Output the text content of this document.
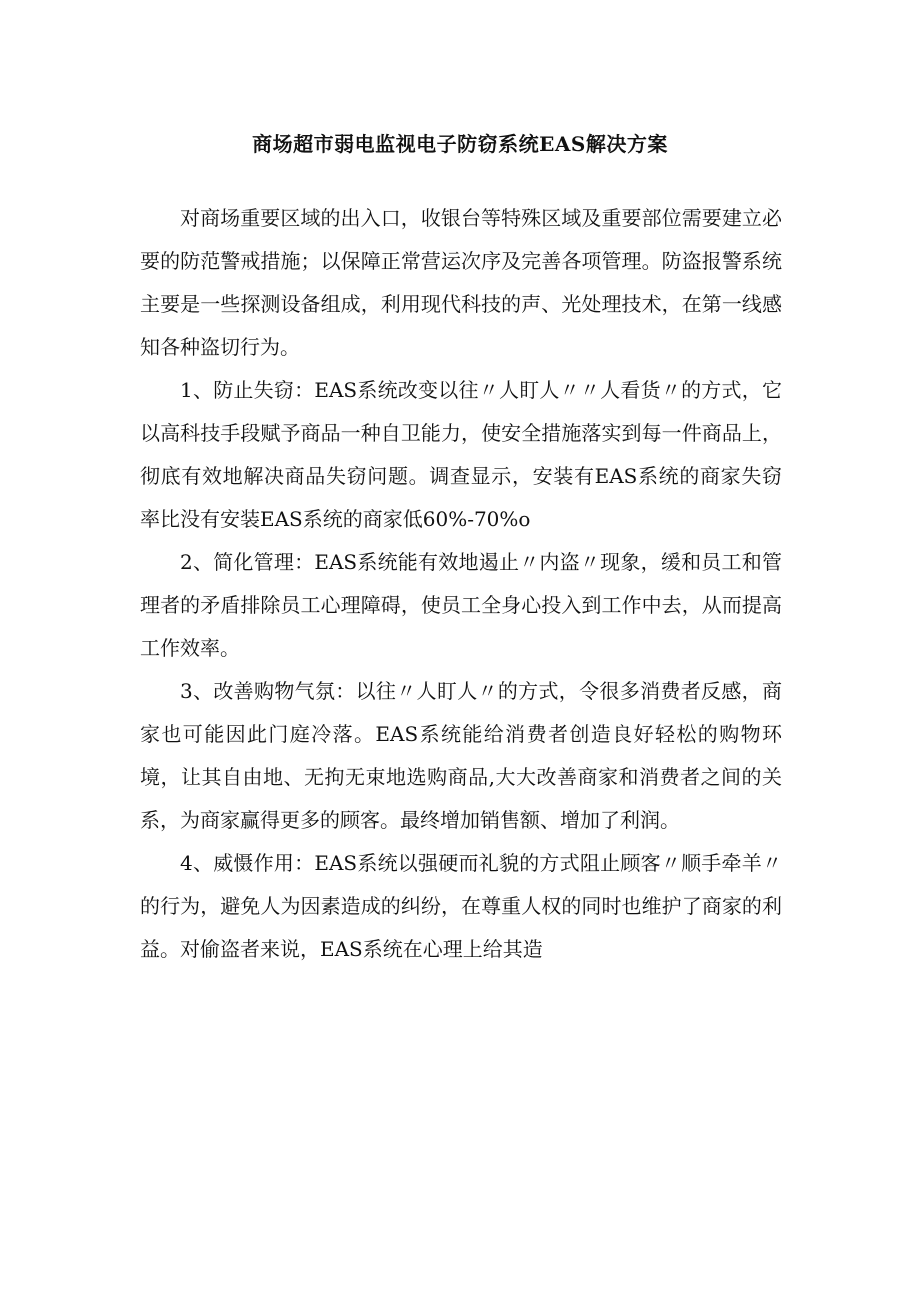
商场超市弱电监视电子防窃系统EAS解决方案

对商场重要区域的出入口，收银台等特殊区域及重要部位需要建立必要的防范警戒措施；以保障正常营运次序及完善各项管理。防盗报警系统主要是一些探测设备组成，利用现代科技的声、光处理技术，在第一线感知各种盗切行为。

1、防止失窃：EAS系统改变以往〃人盯人〃〃人看货〃的方式，它以高科技手段赋予商品一种自卫能力，使安全措施落实到每一件商品上，彻底有效地解决商品失窃问题。调查显示，安装有EAS系统的商家失窃率比没有安装EAS系统的商家低60%-70%o

2、简化管理：EAS系统能有效地遏止〃内盗〃现象，缓和员工和管理者的矛盾排除员工心理障碍，使员工全身心投入到工作中去，从而提高工作效率。

3、改善购物气氛：以往〃人盯人〃的方式，令很多消费者反感，商家也可能因此门庭冷落。EAS系统能给消费者创造良好轻松的购物环境，让其自由地、无拘无束地选购商品,大大改善商家和消费者之间的关系，为商家赢得更多的顾客。最终增加销售额、增加了利润。

4、威慑作用：EAS系统以强硬而礼貌的方式阻止顾客〃顺手牵羊〃的行为，避免人为因素造成的纠纷，在尊重人权的同时也维护了商家的利益。对偷盗者来说，EAS系统在心理上给其造
